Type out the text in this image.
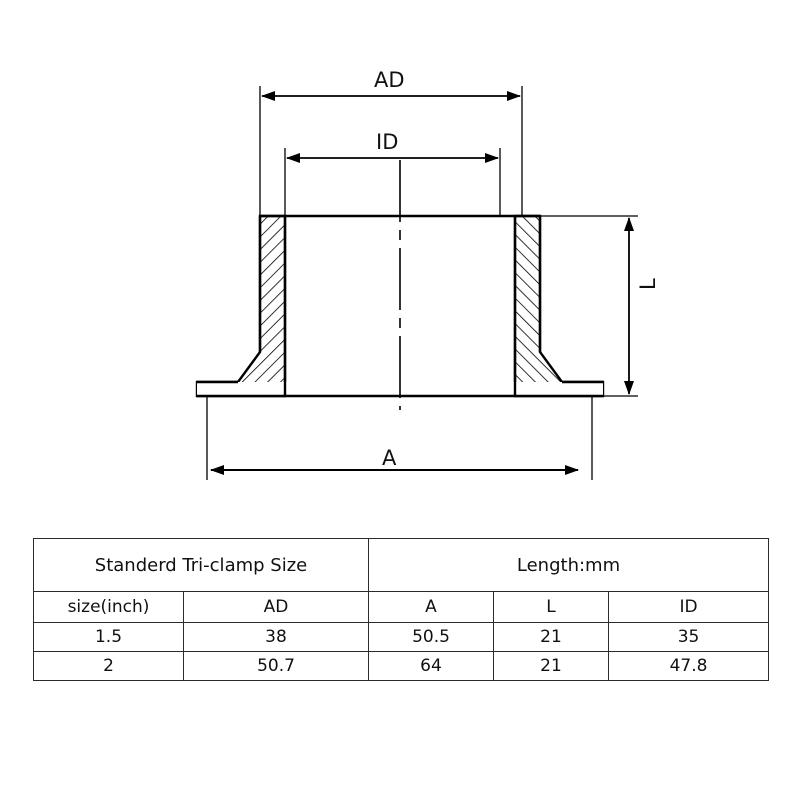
AD
ID
A
L
Standerd Tri-clamp Size		Length:mm		
size(inch)	AD	A	L	ID
1.5	38	50.5	21	35
2	50.7	64	21	47.8
